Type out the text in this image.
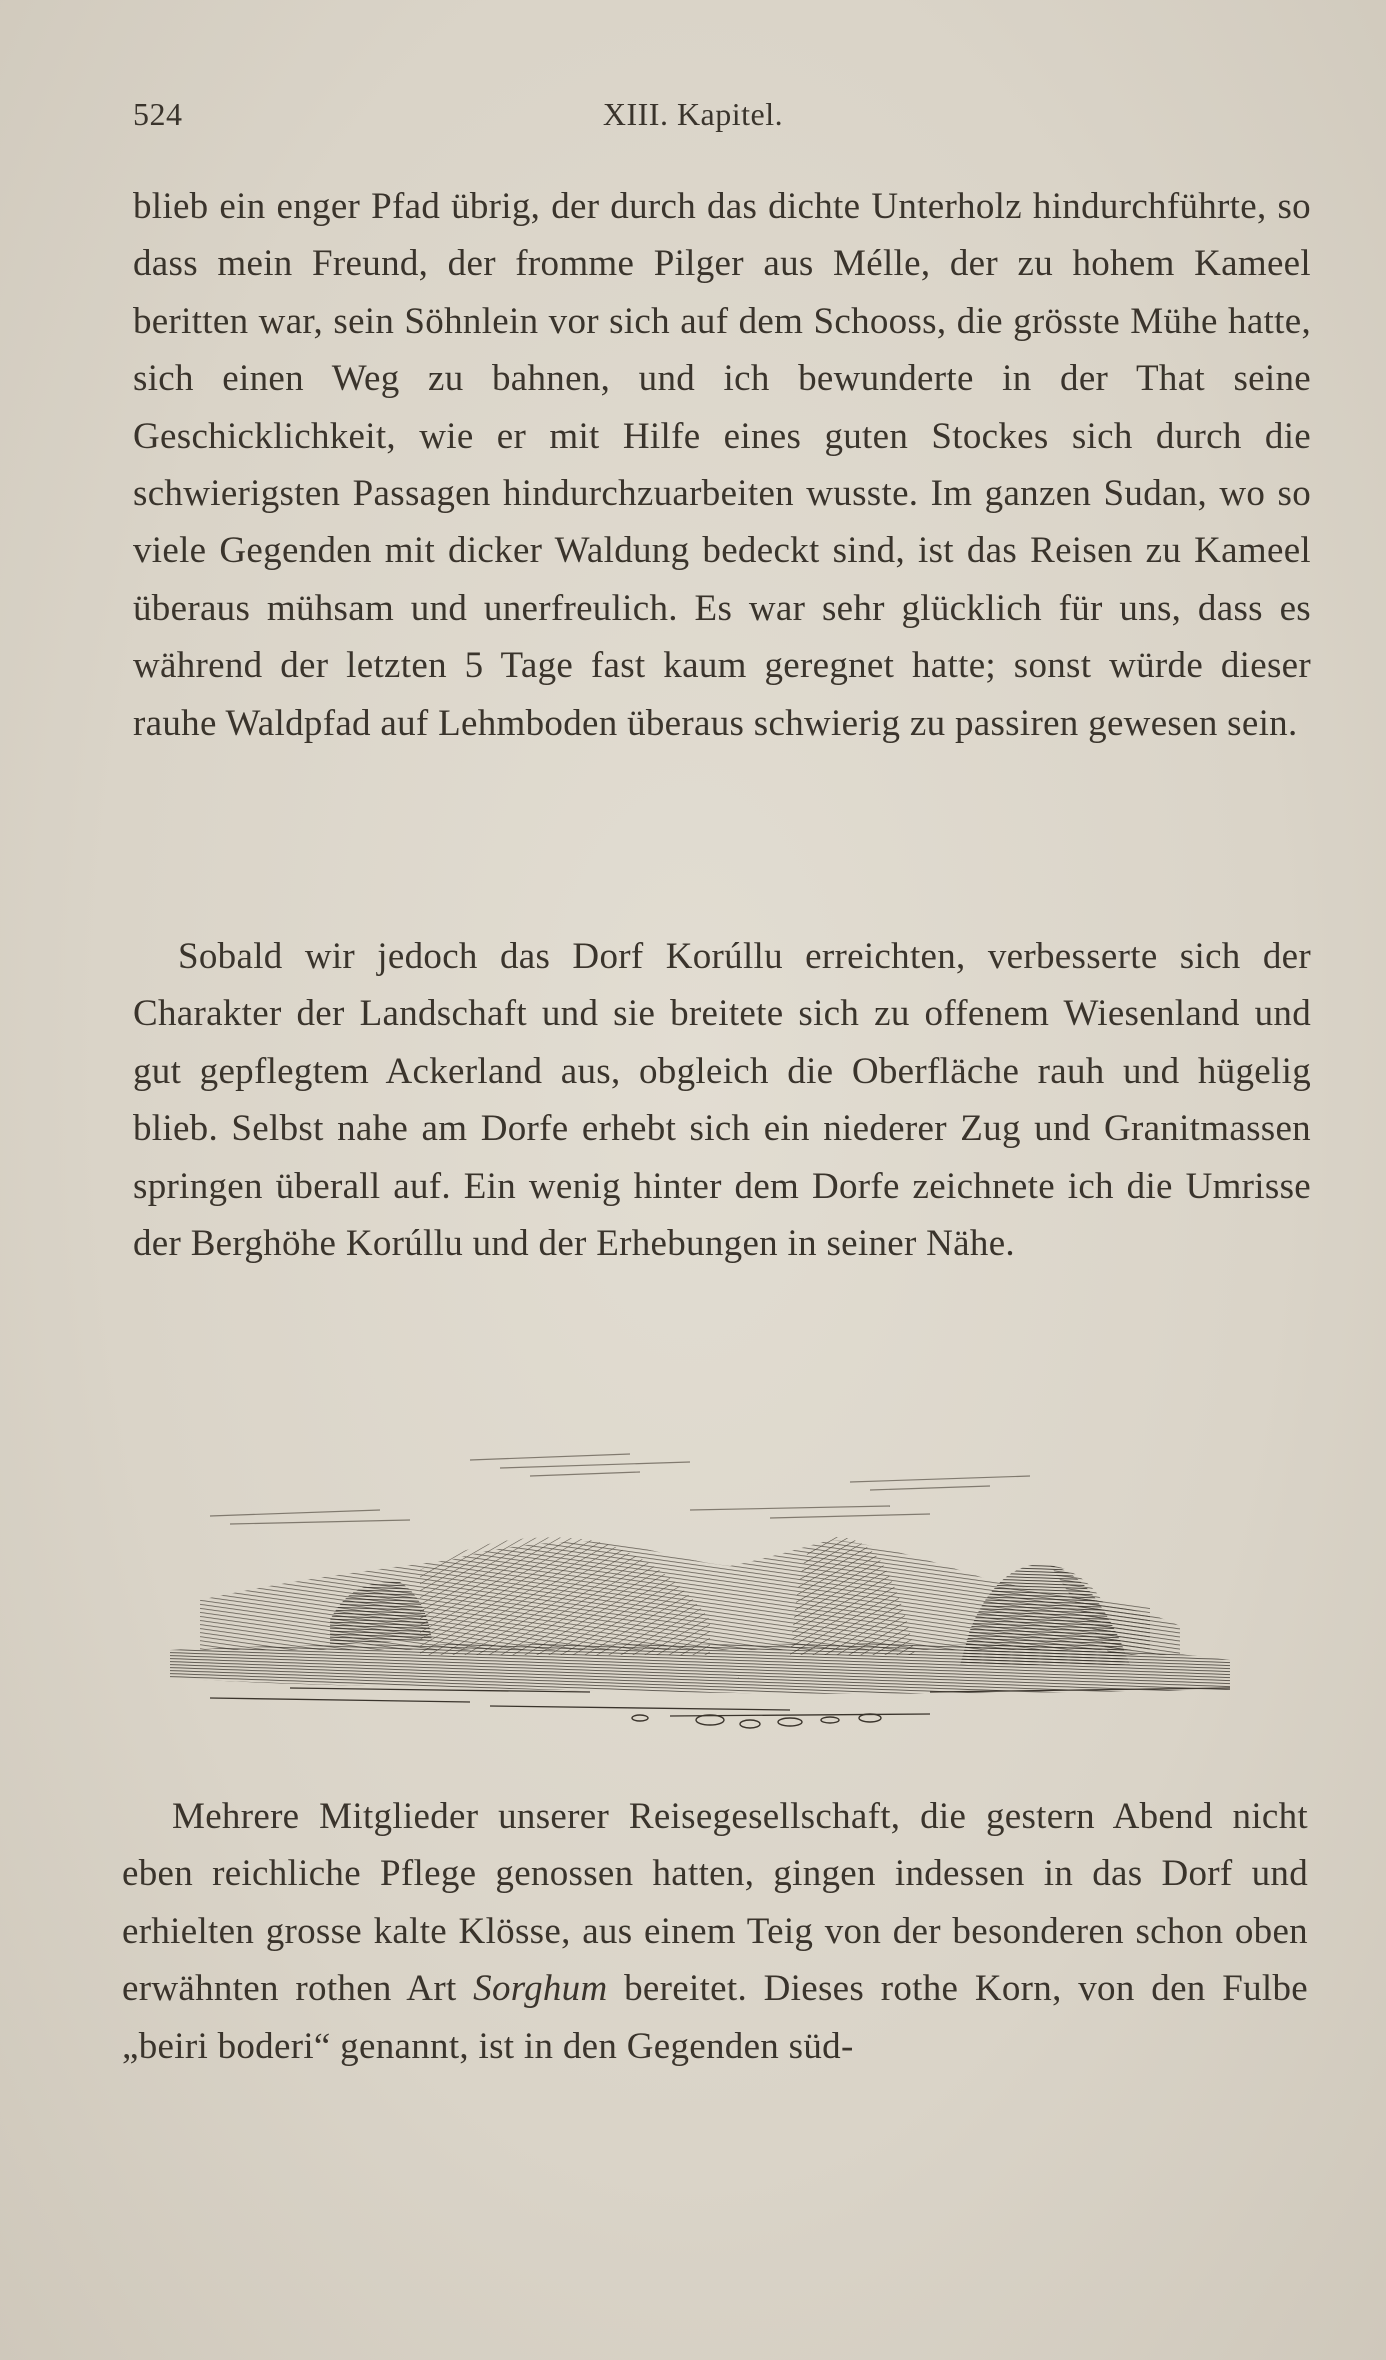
524	XIII. Kapitel.

blieb ein enger Pfad übrig, der durch das dichte Unterholz hindurchführte, so dass mein Freund, der fromme Pilger aus Mélle, der zu hohem Kameel beritten war, sein Söhnlein vor sich auf dem Schooss, die grösste Mühe hatte, sich einen Weg zu bahnen, und ich bewunderte in der That seine Geschicklichkeit, wie er mit Hilfe eines guten Stockes sich durch die schwierigsten Passagen hindurchzuarbeiten wusste. Im ganzen Sudan, wo so viele Gegenden mit dicker Waldung bedeckt sind, ist das Reisen zu Kameel überaus mühsam und unerfreulich. Es war sehr glücklich für uns, dass es während der letzten 5 Tage fast kaum geregnet hatte; sonst würde dieser rauhe Waldpfad auf Lehmboden überaus schwierig zu passiren gewesen sein.

Sobald wir jedoch das Dorf Korúllu erreichten, verbesserte sich der Charakter der Landschaft und sie breitete sich zu offenem Wiesenland und gut gepflegtem Ackerland aus, obgleich die Oberfläche rauh und hügelig blieb. Selbst nahe am Dorfe erhebt sich ein niederer Zug und Granitmassen springen überall auf. Ein wenig hinter dem Dorfe zeichnete ich die Umrisse der Berghöhe Korúllu und der Erhebungen in seiner Nähe.

Mehrere Mitglieder unserer Reisegesellschaft, die gestern Abend nicht eben reichliche Pflege genossen hatten, gingen indessen in das Dorf und erhielten grosse kalte Klösse, aus einem Teig von der besonderen schon oben erwähnten rothen Art Sorghum bereitet. Dieses rothe Korn, von den Fulbe „beiri boderi“ genannt, ist in den Gegenden süd-
